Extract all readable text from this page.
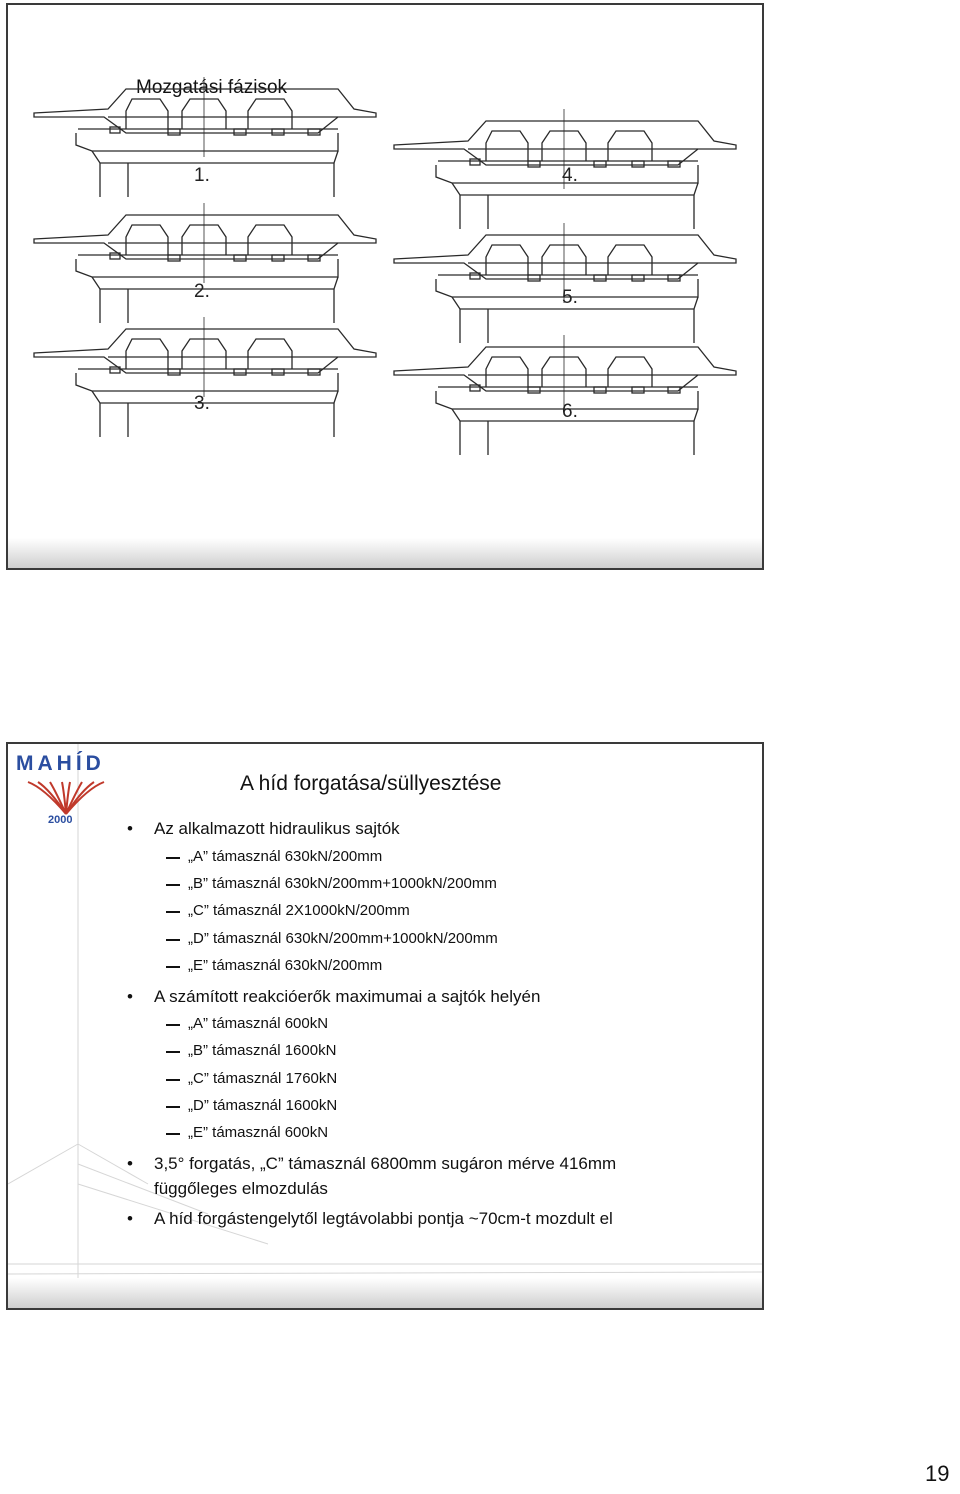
Mozgatási fázisok
1.
2.
3.
4.
5.
6.
MAHÍD
2000
A híd forgatása/süllyesztése
• Az alkalmazott hidraulikus sajtók
„A” támasznál 630kN/200mm
„B” támasznál 630kN/200mm+1000kN/200mm
„C” támasznál 2X1000kN/200mm
„D” támasznál 630kN/200mm+1000kN/200mm
„E” támasznál 630kN/200mm
• A számított reakcióerők maximumai a sajtók helyén
„A” támasznál 600kN
„B” támasznál 1600kN
„C” támasznál 1760kN
„D” támasznál 1600kN
„E” támasznál 600kN
• 3,5° forgatás, „C” támasznál 6800mm sugáron mérve 416mm
függőleges elmozdulás
• A híd forgástengelytől legtávolabbi pontja ~70cm-t mozdult el
19
